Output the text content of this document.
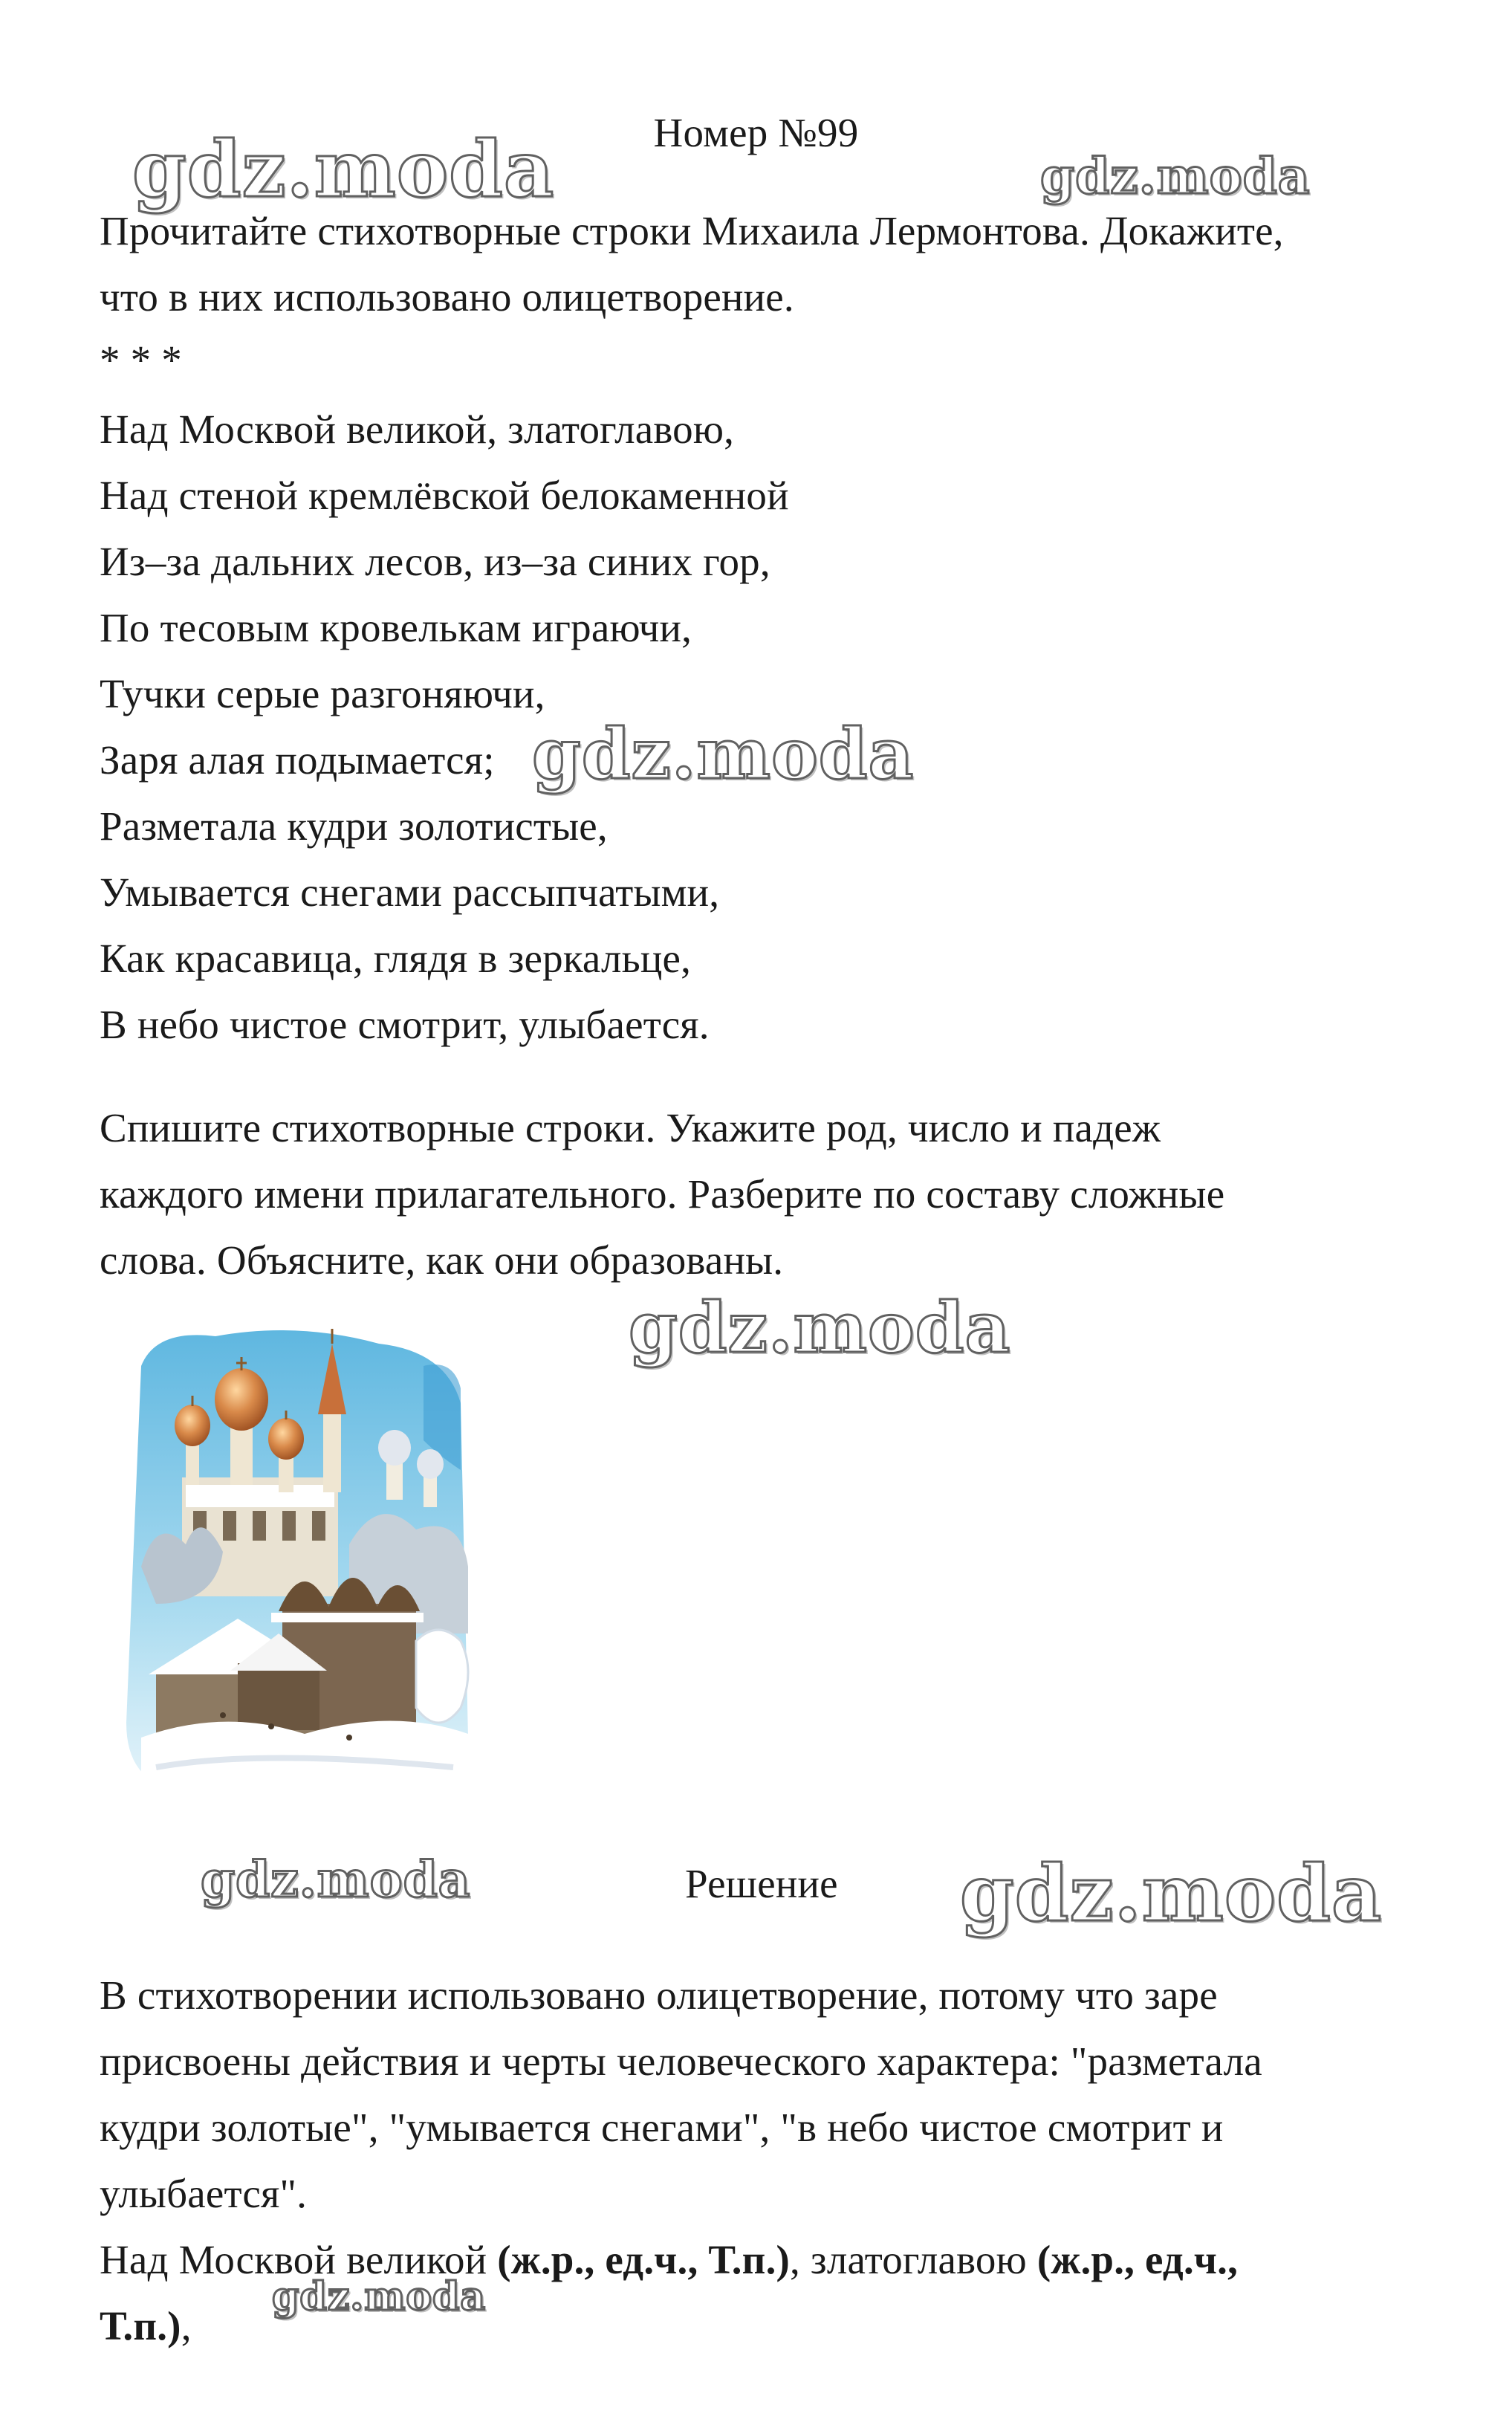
Номер №99
Прочитайте стихотворные строки Михаила Лермонтова. Докажите,
что в них использовано олицетворение.
* * *
Над Москвой великой, златоглавою,
Над стеной кремлёвской белокаменной
Из–за дальних лесов, из–за синих гор,
По тесовым кровелькам играючи,
Тучки серые разгоняючи,
Заря алая подымается;
Разметала кудри золотистые,
Умывается снегами рассыпчатыми,
Как красавица, глядя в зеркальце,
В небо чистое смотрит, улыбается.
Спишите стихотворные строки. Укажите род, число и падеж
каждого имени прилагательного. Разберите по составу сложные
слова. Объясните, как они образованы.
Решение
В стихотворении использовано олицетворение, потому что заре
присвоены действия и черты человеческого характера: "разметала
кудри золотые", "умывается снегами", "в небо чистое смотрит и
улыбается".
Над Москвой великой (ж.р., ед.ч., Т.п.), златоглавою (ж.р., ед.ч.,
Т.п.),
gdz.moda	gdz.moda
gdz.moda
gdz.moda
gdz.moda	gdz.moda
gdz.moda
